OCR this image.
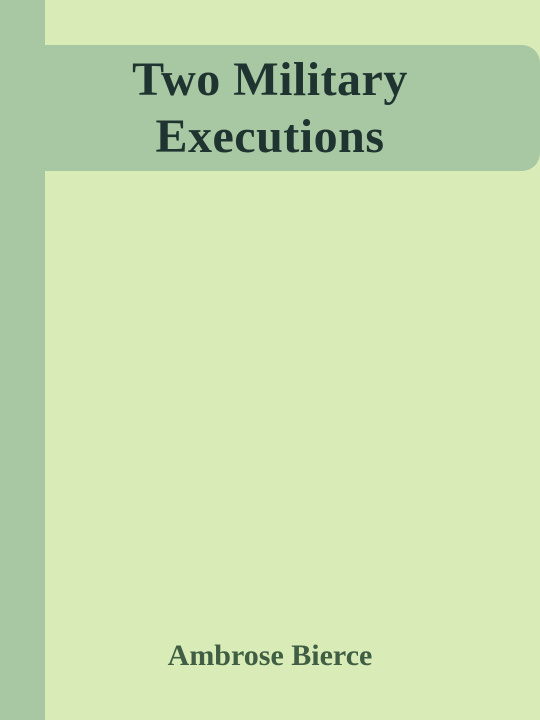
Two Military
Executions
Ambrose Bierce
